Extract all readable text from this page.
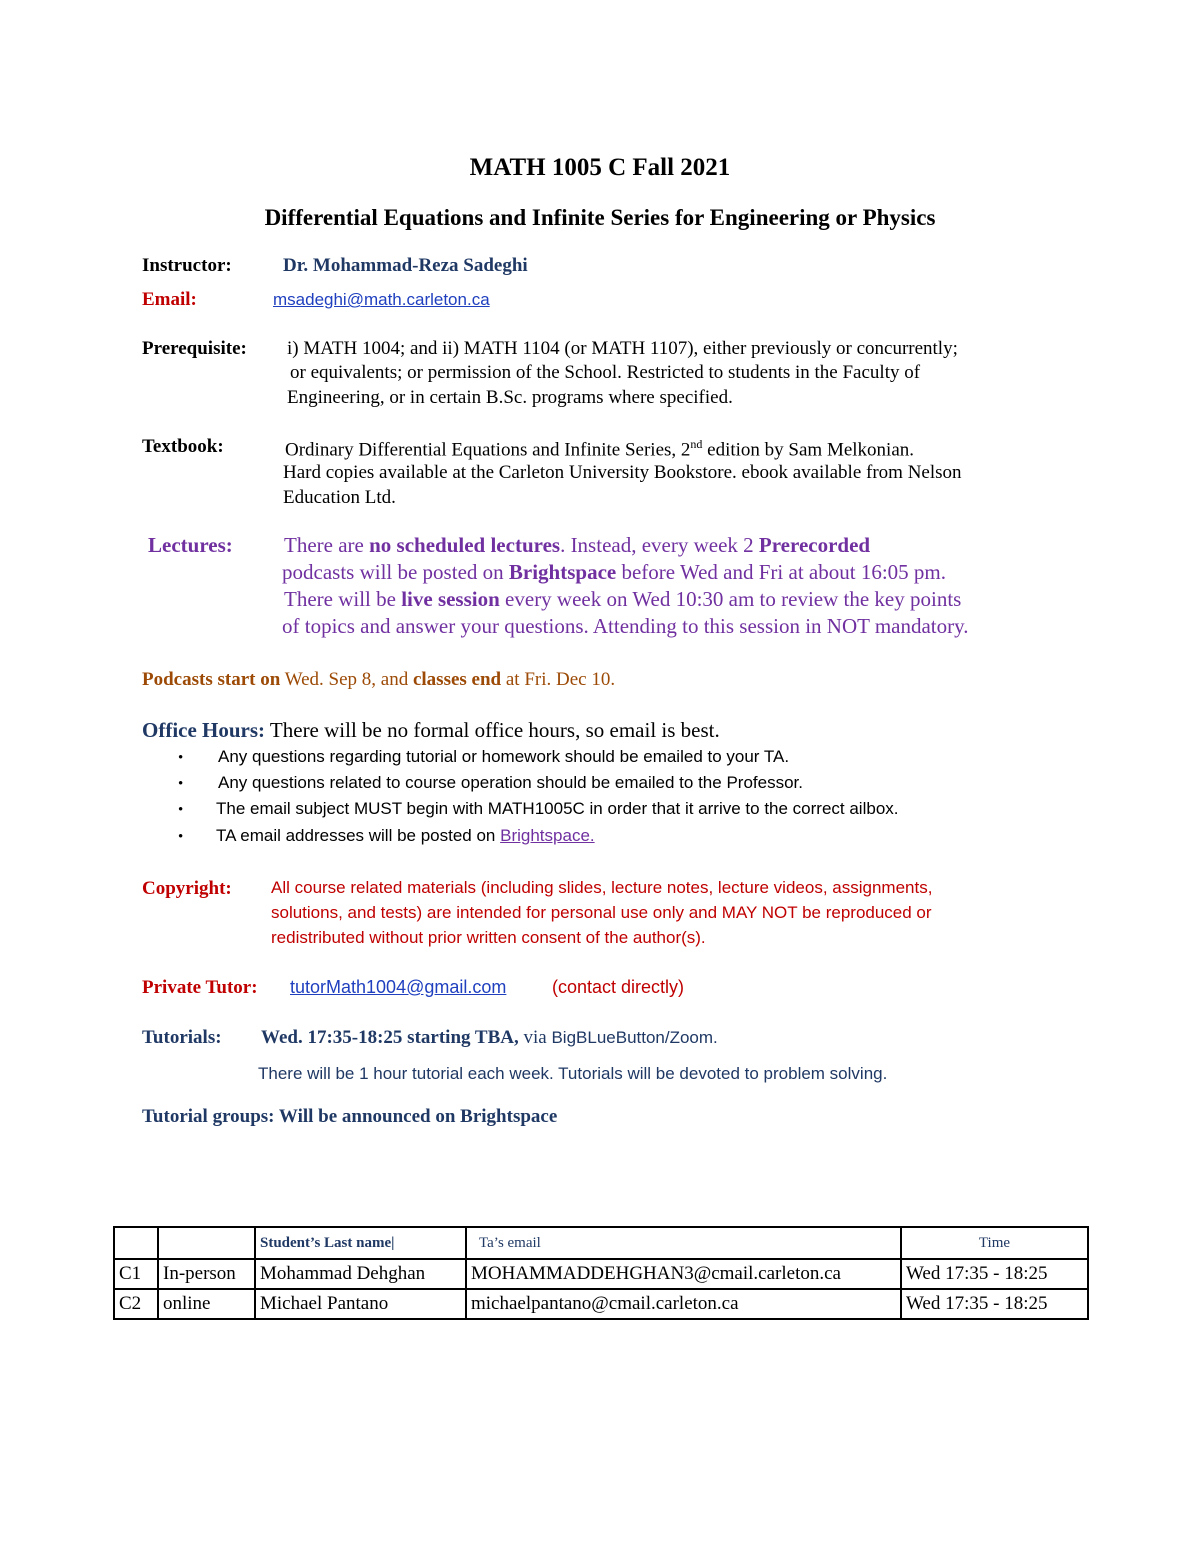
MATH 1005 C Fall 2021
Differential Equations and Infinite Series for Engineering or Physics
Instructor:	Dr. Mohammad-Reza Sadeghi
Email:	msadeghi@math.carleton.ca
Prerequisite: i) MATH 1004; and ii) MATH 1104 (or MATH 1107), either previously or concurrently;
or equivalents; or permission of the School. Restricted to students in the Faculty of
Engineering, or in certain B.Sc. programs where specified.
Textbook:	Ordinary Differential Equations and Infinite Series, 2nd edition by Sam Melkonian.
Hard copies available at the Carleton University Bookstore. ebook available from Nelson
Education Ltd.
Lectures: There are no scheduled lectures. Instead, every week 2 Prerecorded
podcasts will be posted on Brightspace before Wed and Fri at about 16:05 pm.
There will be live session every week on Wed 10:30 am to review the key points
of topics and answer your questions. Attending to this session in NOT mandatory.
Podcasts start on Wed. Sep 8, and classes end at Fri. Dec 10.
Office Hours: There will be no formal office hours, so email is best.
• Any questions regarding tutorial or homework should be emailed to your TA.
• Any questions related to course operation should be emailed to the Professor.
• The email subject MUST begin with MATH1005C in order that it arrive to the correct ailbox.
• TA email addresses will be posted on Brightspace.
Copyright: All course related materials (including slides, lecture notes, lecture videos, assignments,
solutions, and tests) are intended for personal use only and MAY NOT be reproduced or
redistributed without prior written consent of the author(s).
Private Tutor: tutorMath1004@gmail.com	(contact directly)
Tutorials: Wed. 17:35-18:25 starting TBA, via BigBLueButton/Zoom.
There will be 1 hour tutorial each week. Tutorials will be devoted to problem solving.
Tutorial groups: Will be announced on Brightspace
		Student’s Last name|	Ta’s email	Time
C1	In-person	Mohammad Dehghan	MOHAMMADDEHGHAN3@cmail.carleton.ca	Wed 17:35 - 18:25
C2	online	Michael Pantano	michaelpantano@cmail.carleton.ca	Wed 17:35 - 18:25
